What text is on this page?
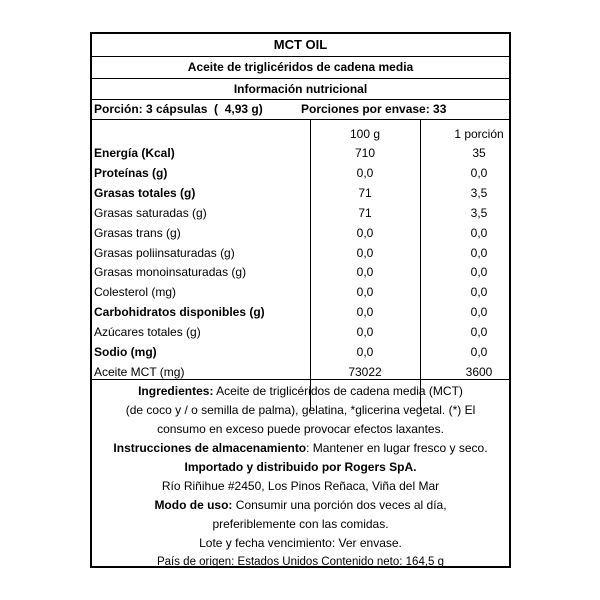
MCT OIL
Aceite de triglicéridos de cadena media
Información nutricional
Porción: 3 cápsulas  (  4,93 g)	Porciones por envase: 33
100 g	1 porción
Energía (Kcal)	710	35
Proteínas (g)	0,0	0,0
Grasas totales (g)	71	3,5
Grasas saturadas (g)	71	3,5
Grasas trans (g)	0,0	0,0
Grasas poliinsaturadas (g)	0,0	0,0
Grasas monoinsaturadas (g)	0,0	0,0
Colesterol (mg)	0,0	0,0
Carbohidratos disponibles (g)	0,0	0,0
Azúcares totales (g)	0,0	0,0
Sodio (mg)	0,0	0,0
Aceite MCT (mg)	73022	3600

Ingredientes: Aceite de triglicéridos de cadena media (MCT)

(de coco y / o semilla de palma), gelatina, *glicerina vegetal. (*) El

consumo en exceso puede provocar efectos laxantes.

Instrucciones de almacenamiento: Mantener en lugar fresco y seco.

Importado y distribuido por Rogers SpA.

Río Riñihue #2450, Los Pinos Reñaca, Viña del Mar

Modo de uso: Consumir una porción dos veces al día,

preferiblemente con las comidas.

Lote y fecha vencimiento: Ver envase.

País de origen: Estados Unidos Contenido neto: 164,5 g
